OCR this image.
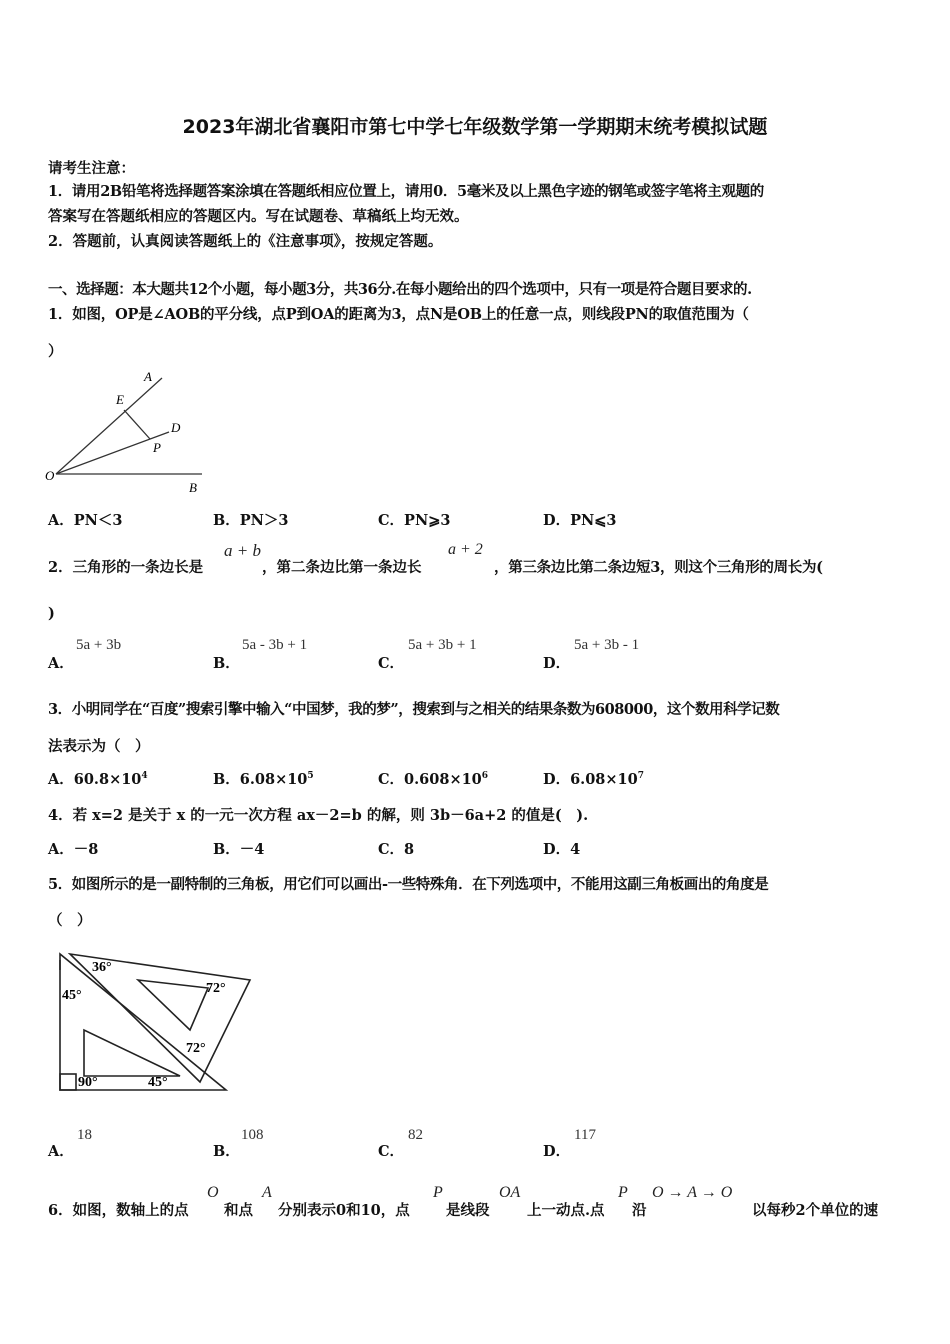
2023年湖北省襄阳市第七中学七年级数学第一学期期末统考模拟试题
请考生注意：
1．请用2B铅笔将选择题答案涂填在答题纸相应位置上，请用0．5毫米及以上黑色字迹的钢笔或签字笔将主观题的
答案写在答题纸相应的答题区内。写在试题卷、草稿纸上均无效。
2．答题前，认真阅读答题纸上的《注意事项》，按规定答题。
一、选择题：本大题共12个小题，每小题3分，共36分.在每小题给出的四个选项中，只有一项是符合题目要求的.
1．如图，OP是∠AOB的平分线，点P到OA的距离为3，点N是OB上的任意一点，则线段PN的取值范围为（
）
A
E
D
P
O
B
A．PN＜3	B．PN＞3	C．PN⩾3	D．PN⩽3
2．三角形的一条边长是
a + b
，第二条边比第一条边长
a + 2
，第三条边比第二条边短3，则这个三角形的周长为(
)
A．
5a + 3b
B．
5a - 3b + 1
C．
5a + 3b + 1
D．
5a + 3b - 1
3．小明同学在“百度”搜索引擎中输入“中国梦，我的梦”，搜索到与之相关的结果条数为608000，这个数用科学记数
法表示为（　）
A．$60.8\times 10^4$	B．$6.08\times 10^5$	C．$0.608\times 10^6$	D．$6.08\times 10^7$
4．若 x=2 是关于 x 的一元一次方程 ax－2=b 的解，则 3b－6a+2 的值是(　).
A．－8	B．－4	C．8	D．4
5．如图所示的是一副特制的三角板，用它们可以画出-一些特殊角．在下列选项中，不能用这副三角板画出的角度是
（　）
36°
72°
45°
72°
90°	45°
A．
18
B．
108
C．
82
D．
117
6．如图，数轴上的点
O
和点
A
分别表示0和10，点
P
是线段
OA
上一动点.点
P
沿
O → A → O
以每秒2个单位的速
